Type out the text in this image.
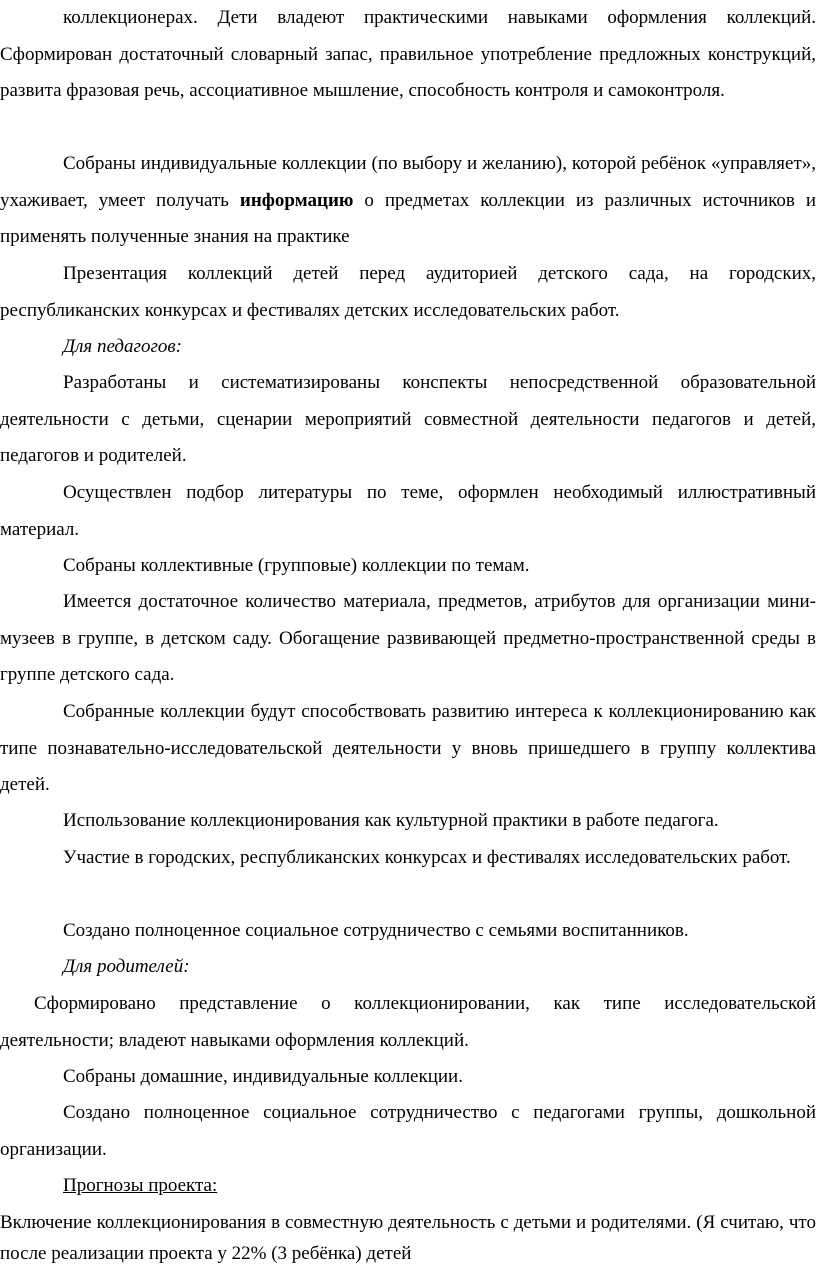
коллекционерах. Дети владеют практическими навыками оформления коллекций. Сформирован достаточный словарный запас, правильное употребление предложных конструкций, развита фразовая речь, ассоциативное мышление, способность контроля и самоконтроля.

Собраны индивидуальные коллекции (по выбору и желанию), которой ребёнок «управляет», ухаживает, умеет получать информацию о предметах коллекции из различных источников и применять полученные знания на практике

Презентация коллекций детей перед аудиторией детского сада, на городских, республиканских конкурсах и фестивалях детских исследовательских работ.

Для педагогов:

Разработаны и систематизированы конспекты непосредственной образовательной деятельности с детьми, сценарии мероприятий совместной деятельности педагогов и детей, педагогов и родителей.

Осуществлен подбор литературы по теме, оформлен необходимый иллюстративный материал.

Собраны коллективные (групповые) коллекции по темам.

Имеется достаточное количество материала, предметов, атрибутов для организации мини-музеев в группе, в детском саду. Обогащение развивающей предметно-пространственной среды в группе детского сада.

Собранные коллекции будут способствовать развитию интереса к коллекционированию как типе познавательно-исследовательской деятельности у вновь пришедшего в группу коллектива детей.

Использование коллекционирования как культурной практики в работе педагога.

Участие в городских, республиканских конкурсах и фестивалях исследовательских работ.

Создано полноценное социальное сотрудничество с семьями воспитанников.

Для родителей:

Сформировано представление о коллекционировании, как типе исследовательской деятельности; владеют навыками оформления коллекций.

Собраны домашние, индивидуальные коллекции.

Создано полноценное социальное сотрудничество с педагогами группы, дошкольной организации.

Прогнозы проекта:

Включение коллекционирования в совместную деятельность с детьми и родителями. (Я считаю, что после реализации проекта у 22% (3 ребёнка) детей
